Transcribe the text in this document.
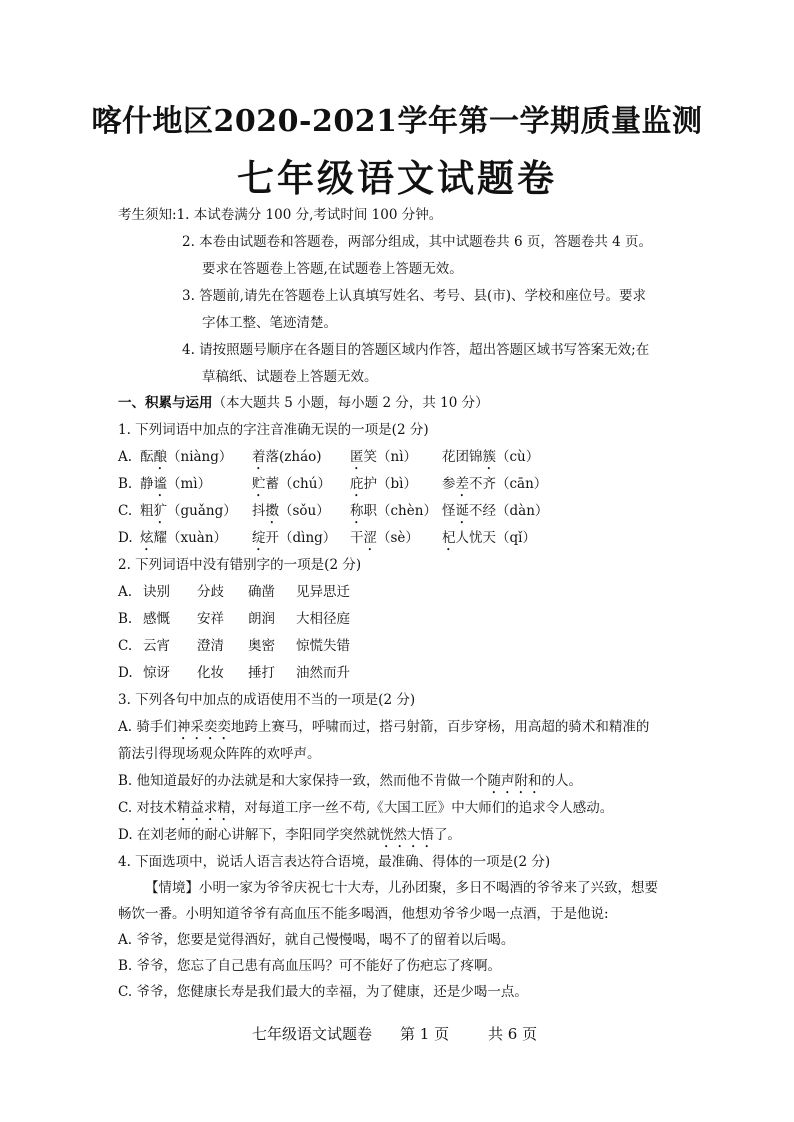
喀什地区2020-2021学年第一学期质量监测
七年级语文试题卷
考生须知:1. 本试卷满分 100 分,考试时间 100 分钟。
2. 本卷由试题卷和答题卷，两部分组成，其中试题卷共 6 页，答题卷共 4 页。
要求在答题卷上答题,在试题卷上答题无效。
3. 答题前,请先在答题卷上认真填写姓名、考号、县(市)、学校和座位号。要求
字体工整、笔迹清楚。
4. 请按照题号顺序在各题目的答题区域内作答，超出答题区域书写答案无效;在
草稿纸、试题卷上答题无效。
一、积累与运用（本大题共 5 小题，每小题 2 分，共 10 分）
1. 下列词语中加点的字注音准确无误的一项是(2 分)
A. 酝酿（niàng） 着落(zháo) 匿笑（nì） 花团锦簇（cù）
B. 静谧（mì）	贮蓄（chú） 庇护（bì） 参差不齐（cān）
C. 粗犷（guǎng） 抖擞（sǒu） 称职（chèn） 怪诞不经（dàn）
D. 炫耀（xuàn） 绽开（dìng） 干涩（sè） 杞人忧天（qǐ）
2. 下列词语中没有错别字的一项是(2 分)
A. 诀别 分歧 确凿 见异思迁
B. 感慨 安祥 朗润 大相径庭
C. 云宵 澄清 奥密 惊慌失错
D. 惊讶 化妆 捶打 油然而升
3. 下列各句中加点的成语使用不当的一项是(2 分)
A. 骑手们神采奕奕地跨上赛马，呼啸而过，搭弓射箭，百步穿杨，用高超的骑术和精准的
箭法引得现场观众阵阵的欢呼声。
B. 他知道最好的办法就是和大家保持一致，然而他不肯做一个随声附和的人。
C. 对技术精益求精，对每道工序一丝不苟,《大国工匠》中大师们的追求令人感动。
D. 在刘老师的耐心讲解下，李阳同学突然就恍然大悟了。
4. 下面选项中，说话人语言表达符合语境，最准确、得体的一项是(2 分)
【情境】小明一家为爷爷庆祝七十大寿，儿孙团聚，多日不喝酒的爷爷来了兴致，想要
畅饮一番。小明知道爷爷有高血压不能多喝酒，他想劝爷爷少喝一点酒，于是他说:
A. 爷爷，您要是觉得酒好，就自己慢慢喝，喝不了的留着以后喝。
B. 爷爷，您忘了自己患有高血压吗？可不能好了伤疤忘了疼啊。
C. 爷爷，您健康长寿是我们最大的幸福，为了健康，还是少喝一点。
七年级语文试题卷 第 1 页	共 6 页
